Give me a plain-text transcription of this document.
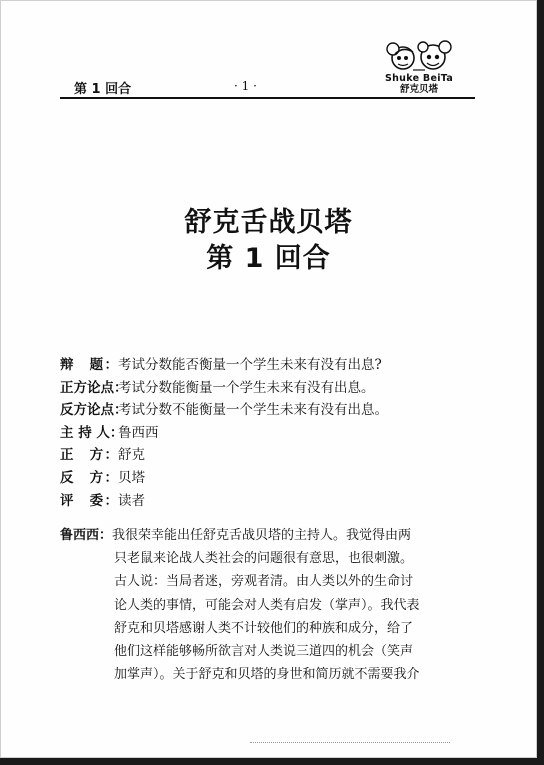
第 1 回合	· 1 ·
Shuke BeiTa
舒克贝塔
舒克舌战贝塔
第 1 回合
辩　题：考试分数能否衡量一个学生未来有没有出息?
正方论点：考试分数能衡量一个学生未来有没有出息。
反方论点：考试分数不能衡量一个学生未来有没有出息。
主 持 人：鲁西西
正　方：舒克
反　方：贝塔
评　委：读者
鲁西西：我很荣幸能出任舒克舌战贝塔的主持人。我觉得由两
只老鼠来论战人类社会的问题很有意思，也很刺激。
古人说：当局者迷，旁观者清。由人类以外的生命讨
论人类的事情，可能会对人类有启发（掌声）。我代表
舒克和贝塔感谢人类不计较他们的种族和成分，给了
他们这样能够畅所欲言对人类说三道四的机会（笑声
加掌声）。关于舒克和贝塔的身世和简历就不需要我介
